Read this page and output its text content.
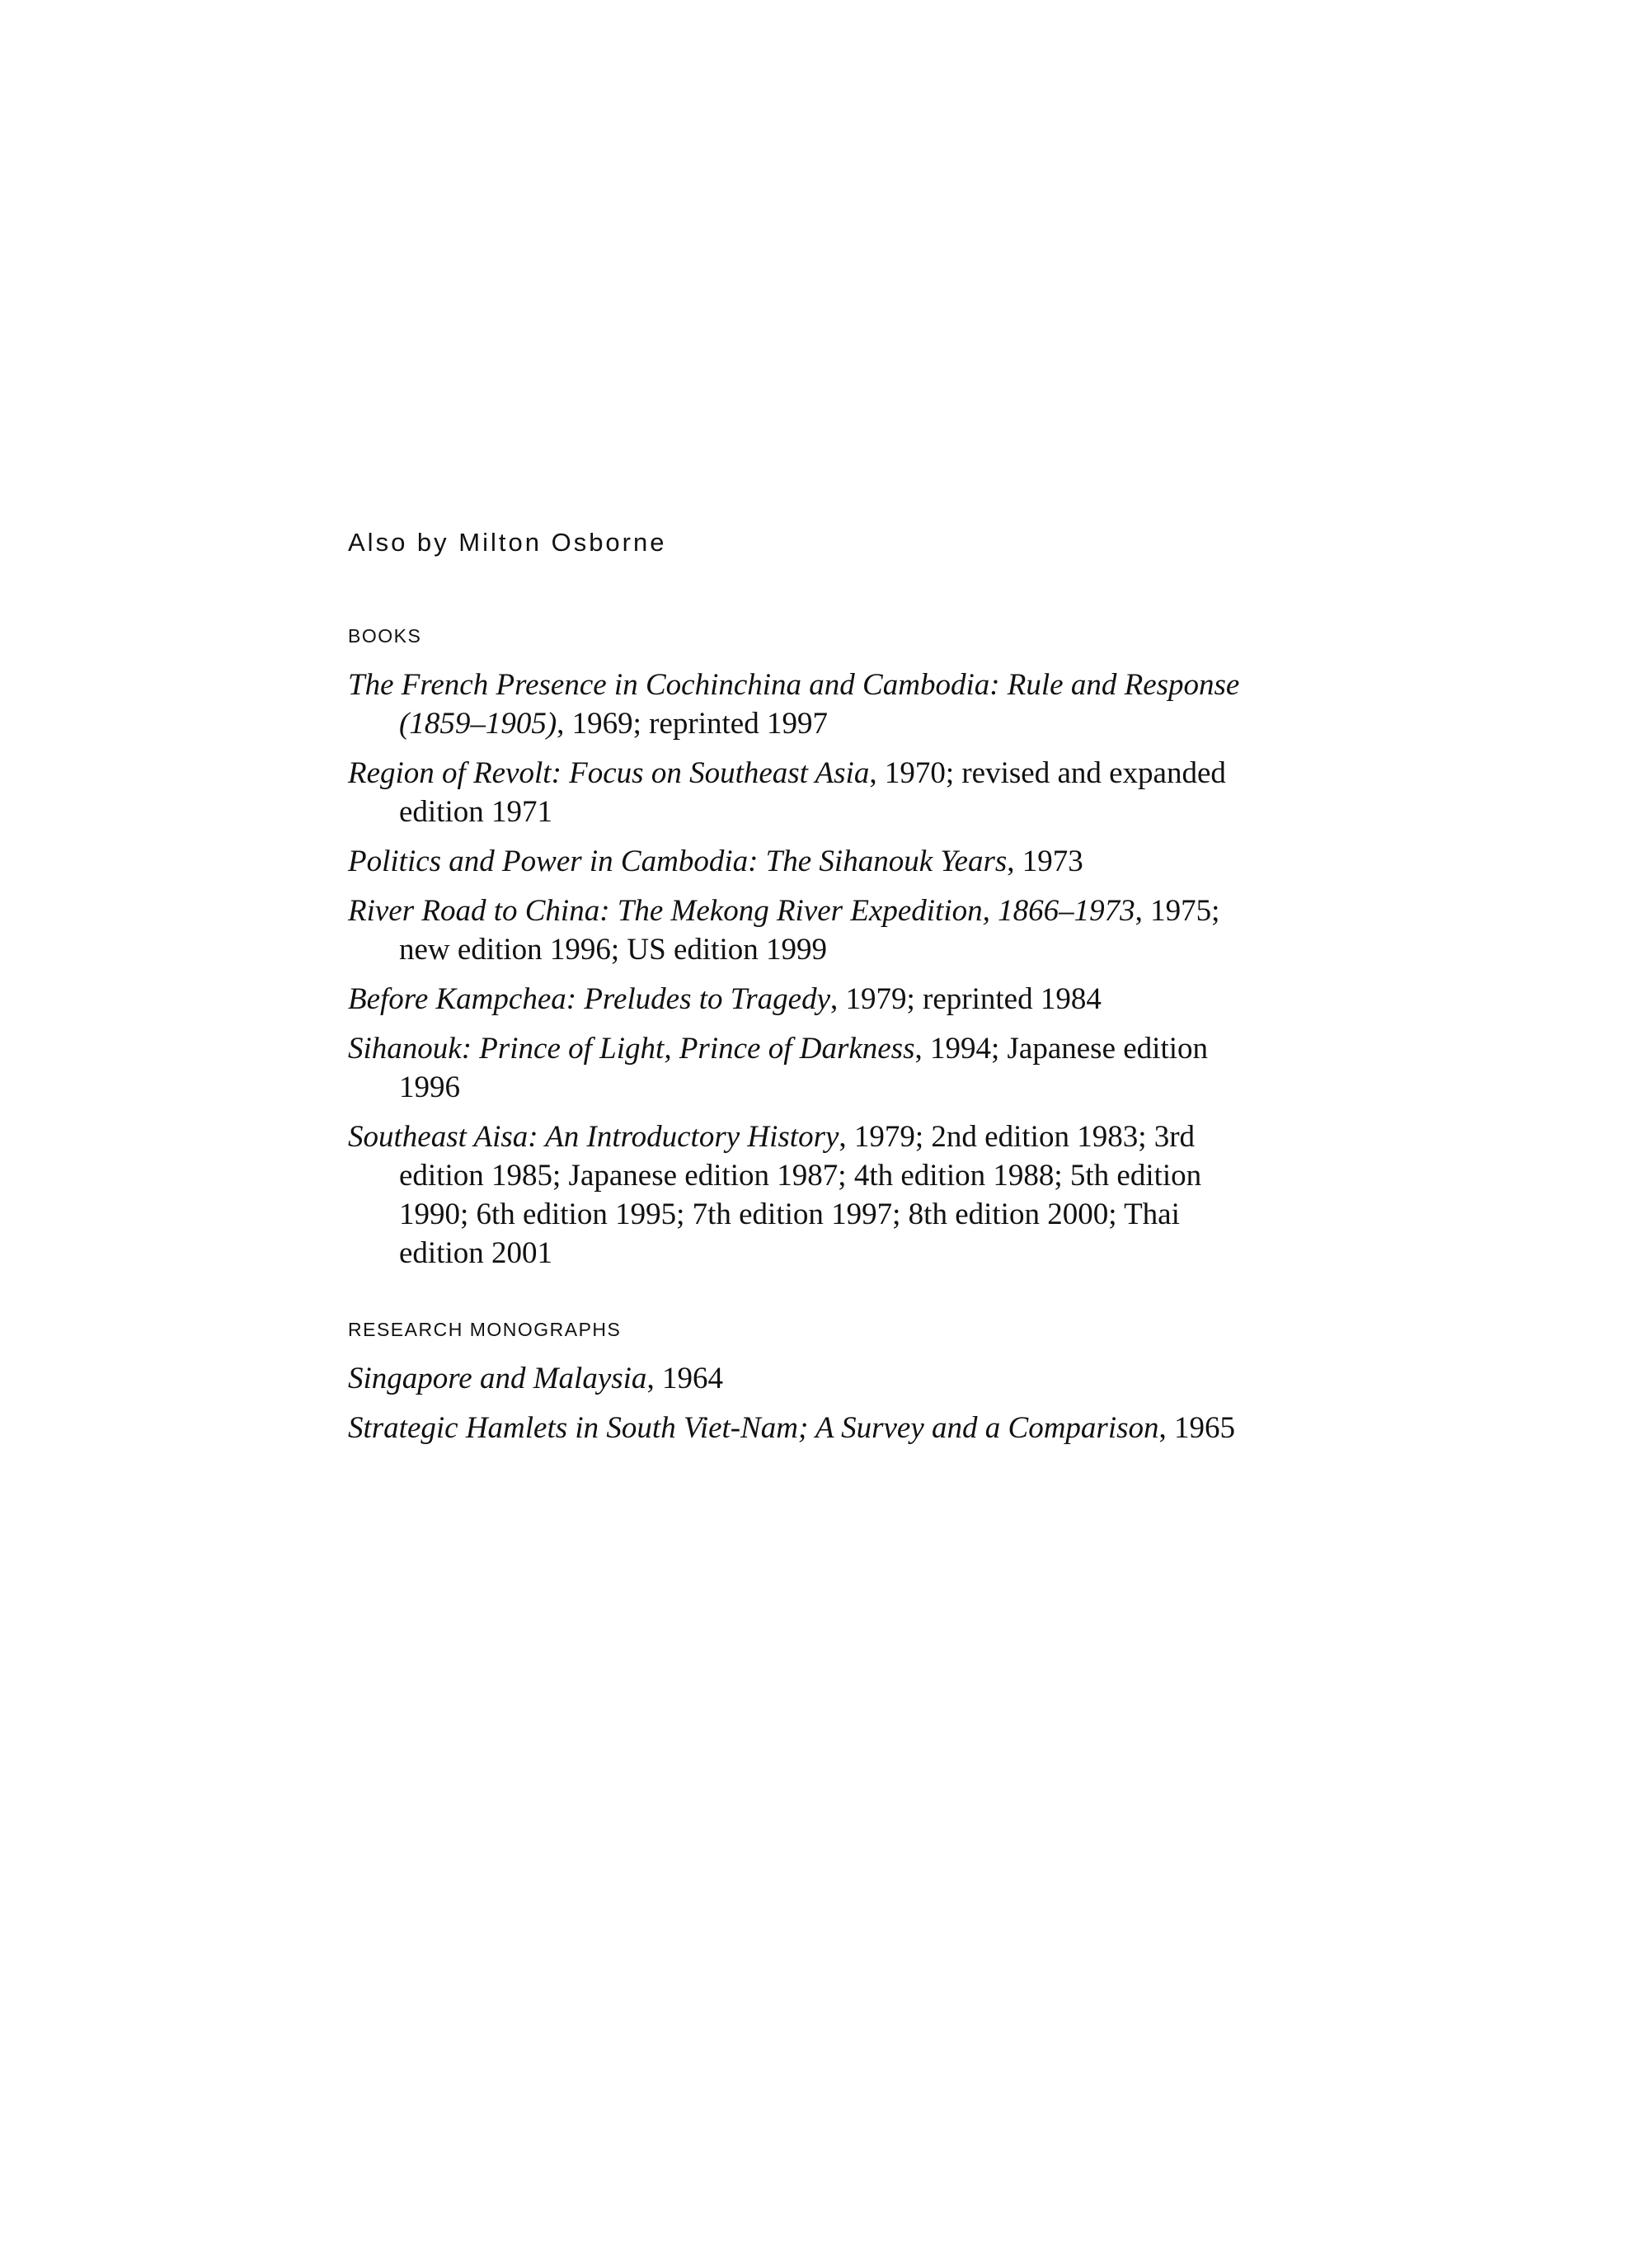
Also by Milton Osborne
BOOKS
The French Presence in Cochinchina and Cambodia: Rule and Response (1859–1905), 1969; reprinted 1997
Region of Revolt: Focus on Southeast Asia, 1970; revised and expanded edition 1971
Politics and Power in Cambodia: The Sihanouk Years, 1973
River Road to China: The Mekong River Expedition, 1866–1973, 1975; new edition 1996; US edition 1999
Before Kampchea: Preludes to Tragedy, 1979; reprinted 1984
Sihanouk: Prince of Light, Prince of Darkness, 1994; Japanese edition 1996
Southeast Aisa: An Introductory History, 1979; 2nd edition 1983; 3rd edition 1985; Japanese edition 1987; 4th edition 1988; 5th edition 1990; 6th edition 1995; 7th edition 1997; 8th edition 2000; Thai edition 2001
RESEARCH MONOGRAPHS
Singapore and Malaysia, 1964
Strategic Hamlets in South Viet-Nam; A Survey and a Comparison, 1965
